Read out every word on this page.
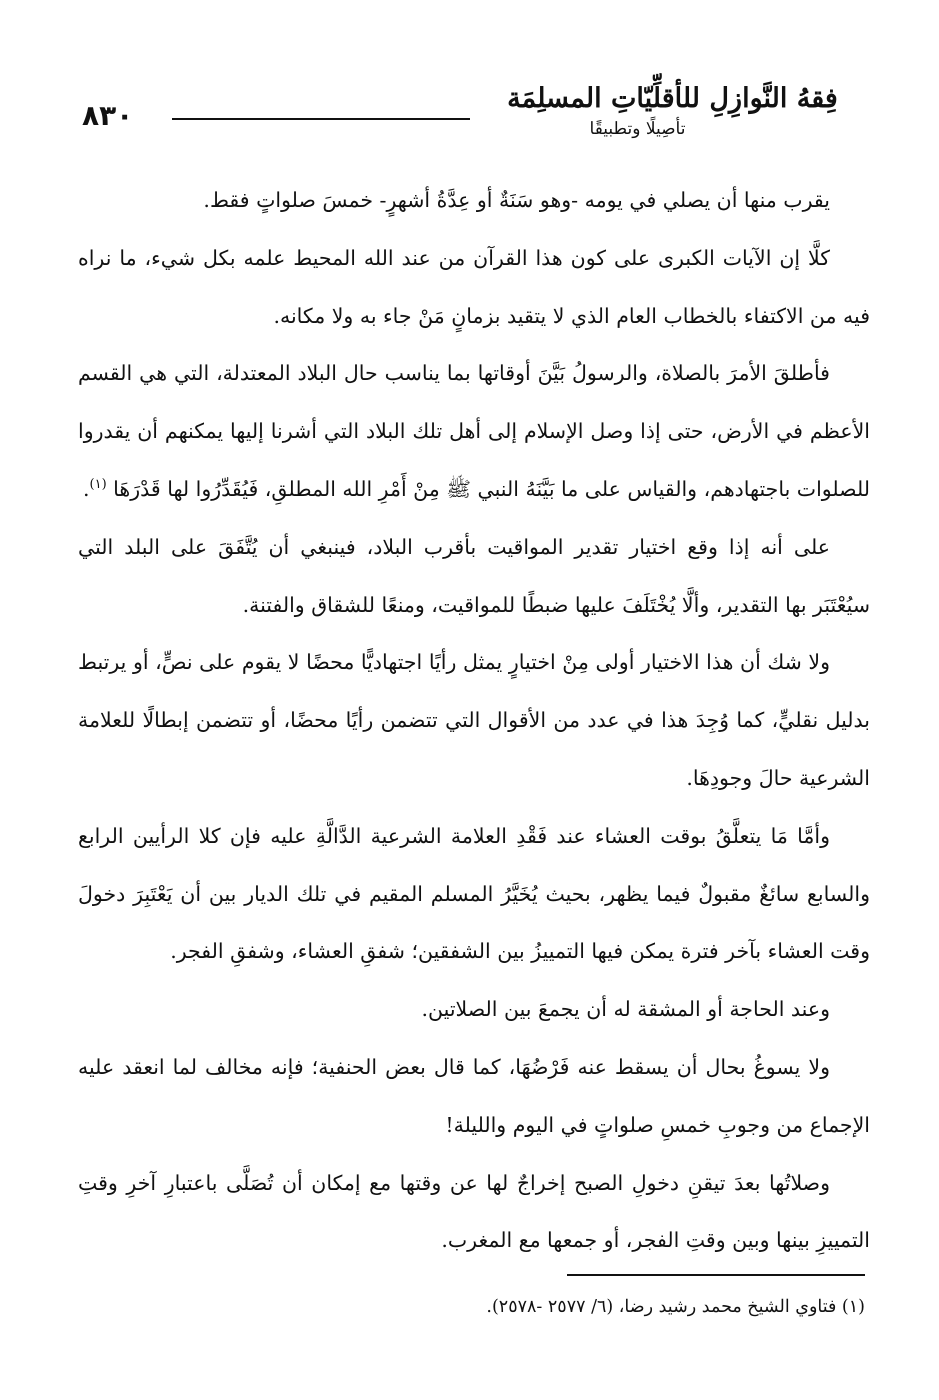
٨٣٠
فِقهُ النَّوازِلِ للأقلِّيّاتِ المسلِمَة
تأصِيلًا وتطبيقًا

يقرب منها أن يصلي في يومه -وهو سَنَةٌ أو عِدَّةُ أشهرٍ- خمسَ صلواتٍ فقط.

كلَّا إن الآيات الكبرى على كون هذا القرآن من عند الله المحيط علمه بكل شيء، ما نراه فيه من الاكتفاء بالخطاب العام الذي لا يتقيد بزمانٍ مَنْ جاء به ولا مكانه.

فأطلقَ الأمرَ بالصلاة، والرسولُ بَيَّنَ أوقاتها بما يناسب حال البلاد المعتدلة، التي هي القسم الأعظم في الأرض، حتى إذا وصل الإسلام إلى أهل تلك البلاد التي أشرنا إليها يمكنهم أن يقدروا للصلوات باجتهادهم، والقياس على ما بَيَّنَهُ النبي ﷺ مِنْ أَمْرِ الله المطلقِ، فَيُقَدِّرُوا لها قَدْرَهَا $^{(١)}$.

على أنه إذا وقع اختيار تقدير المواقيت بأقرب البلاد، فينبغي أن يُتَّفَقَ على البلد التي سيُعْتَبَر بها التقدير، وألَّا يُخْتَلَفَ عليها ضبطًا للمواقيت، ومنعًا للشقاق والفتنة.

ولا شك أن هذا الاختيار أولى مِنْ اختيارٍ يمثل رأيًا اجتهاديًّا محضًا لا يقوم على نصٍّ، أو يرتبط بدليل نقليٍّ، كما وُجِدَ هذا في عدد من الأقوال التي تتضمن رأيًا محضًا، أو تتضمن إبطالًا للعلامة الشرعية حالَ وجودِهَا.

وأمَّا مَا يتعلَّقُ بوقت العشاء عند فَقْدِ العلامة الشرعية الدَّالَّةِ عليه فإن كلا الرأيين الرابع والسابع سائغٌ مقبولٌ فيما يظهر، بحيث يُخَيَّرُ المسلم المقيم في تلك الديار بين أن يَعْتَبِرَ دخولَ وقت العشاء بآخر فترة يمكن فيها التمييزُ بين الشفقين؛ شفقِ العشاء، وشفقِ الفجر.

وعند الحاجة أو المشقة له أن يجمعَ بين الصلاتين.

ولا يسوغُ بحال أن يسقط عنه فَرْضُهَا، كما قال بعض الحنفية؛ فإنه مخالف لما انعقد عليه الإجماع من وجوبِ خمسِ صلواتٍ في اليوم والليلة!

وصلاتُها بعدَ تيقنِ دخولِ الصبح إخراجٌ لها عن وقتها مع إمكان أن تُصَلَّى باعتبارِ آخرِ وقتِ التمييزِ بينها وبين وقتِ الفجر، أو جمعها مع المغرب.

(١) فتاوي الشيخ محمد رشيد رضا، (٦/ ٢٥٧٧ -٢٥٧٨).
